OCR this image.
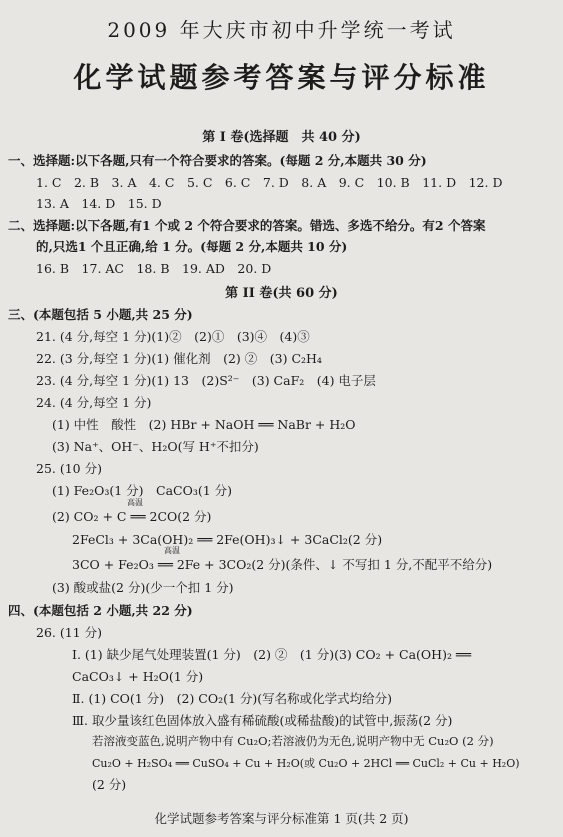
2009 年大庆市初中升学统一考试
化学试题参考答案与评分标准
第 I 卷(选择题　共 40 分)
一、选择题:以下各题,只有一个符合要求的答案。(每题 2 分,本题共 30 分)
1. C　2. B　3. A　4. C　5. C　6. C　7. D　8. A　9. C　10. B　11. D　12. D
13. A　14. D　15. D
二、选择题:以下各题,有1 个或 2 个符合要求的答案。错选、多选不给分。有2 个答案
的,只选1 个且正确,给 1 分。(每题 2 分,本题共 10 分)
16. B　17. AC　18. B　19. AD　20. D
第 II 卷(共 60 分)
三、(本题包括 5 小题,共 25 分)
21. (4 分,每空 1 分)(1)②　(2)①　(3)④　(4)③
22. (3 分,每空 1 分)(1) 催化剂　(2) ②　(3) C₂H₄
23. (4 分,每空 1 分)(1) 13　(2)S²⁻　(3) CaF₂　(4) 电子层
24. (4 分,每空 1 分)
(1) 中性　酸性　(2) HBr + NaOH ══ NaBr + H₂O
(3) Na⁺、OH⁻、H₂O(写 H⁺不扣分)
25. (10 分)
(1) Fe₂O₃(1 分)　CaCO₃(1 分)
高温
(2) CO₂ + C ══ 2CO(2 分)
2FeCl₃ + 3Ca(OH)₂ ══ 2Fe(OH)₃↓ + 3CaCl₂(2 分)
高温
3CO + Fe₂O₃ ══ 2Fe + 3CO₂(2 分)(条件、↓ 不写扣 1 分,不配平不给分)
(3) 酸或盐(2 分)(少一个扣 1 分)
四、(本题包括 2 小题,共 22 分)
26. (11 分)
Ⅰ. (1) 缺少尾气处理装置(1 分)　(2) ②　(1 分)(3) CO₂ + Ca(OH)₂ ══
CaCO₃↓ + H₂O(1 分)
Ⅱ. (1) CO(1 分)　(2) CO₂(1 分)(写名称或化学式均给分)
Ⅲ. 取少量该红色固体放入盛有稀硫酸(或稀盐酸)的试管中,振荡(2 分)
若溶液变蓝色,说明产物中有 Cu₂O;若溶液仍为无色,说明产物中无 Cu₂O (2 分)
Cu₂O + H₂SO₄ ══ CuSO₄ + Cu + H₂O(或 Cu₂O + 2HCl ══ CuCl₂ + Cu + H₂O)
(2 分)
化学试题参考答案与评分标准第 1 页(共 2 页)
